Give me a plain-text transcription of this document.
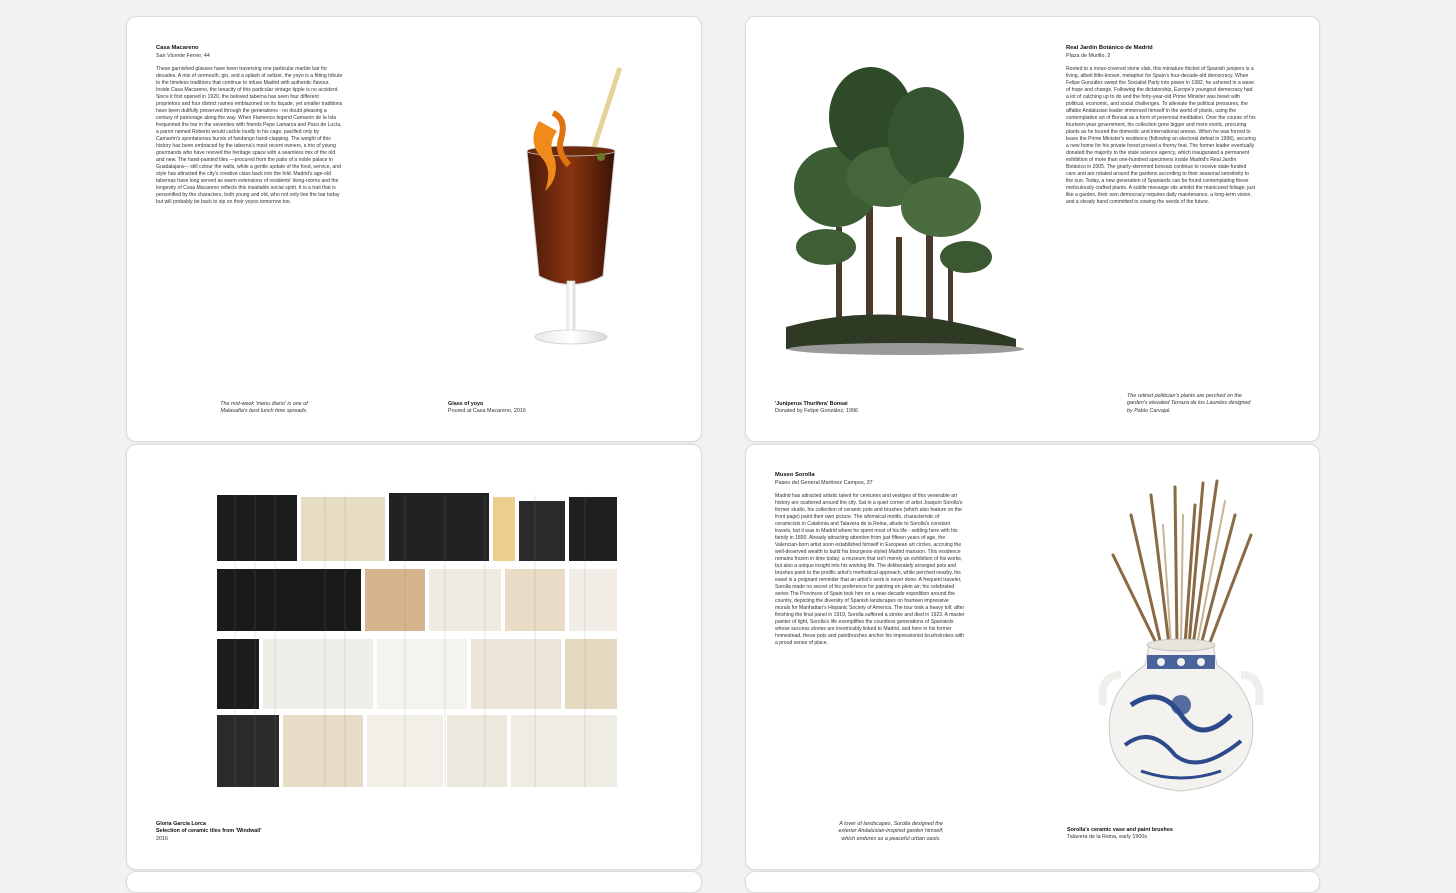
Casa Macareno
San Vicente Ferrer, 44
These garnished glasses have been traversing one particular marble bar for decades. A mix of vermouth, gin, and a splash of seltzer, the yoyo is a fitting tribute to the timeless traditions that continue to infuse Madrid with authentic flavour. Inside Casa Macareno, the tenacity of this particular vintage tipple is no accident. Since it first opened in 1920, the beloved taberna has seen four different proprietors and four district names emblazoned on its façade, yet smaller traditions have been dutifully preserved through the generations - no doubt pleasing a century of patronage along the way. When Flamenco legend Camarón de la Isla frequented the bar in the seventies with friends Pepe Lamarca and Paco de Lucía, a parrot named Roberto would cackle loudly in his cage, pacified only by Camarón's spontaneous bursts of fandango hand-clapping. The weight of this history has been embraced by the taberna's most recent owners, a trio of young gourmands who have revived the heritage space with a seamless mix of the old and new. The hand-painted tiles —procured from the patio of a noble palace in Guadalajara— still colour the walls, while a gentle update of the food, service, and style has attracted the city's creative class back into the fold. Madrid's age-old tabernas have long served as warm extensions of residents' living-rooms and the longevity of Casa Macareno reflects this insatiable social spirit. It is a trait that is personified by the characters, both young and old, who not only line the bar today but will probably be back to sip on their yoyos tomorrow too.
The mid-week 'menu diario' is one of Malasaña's best lunch time spreads.
Glass of yoyo
Poured at Casa Macareno, 2016
Real Jardín Botánico de Madrid
Plaza de Murillo, 2
Rooted to a moss-covered stone slab, this miniature thicket of Spanish junipers is a living, albeit little-known, metaphor for Spain's four-decade-old democracy. When Felipe González swept the Socialist Party into power in 1982, he ushered in a wave of hope and change. Following the dictatorship, Europe's youngest democracy had a lot of catching up to do and the forty-year-old Prime Minister was beset with political, economic, and social challenges. To alleviate the political pressures, the affable Andalusian leader immersed himself in the world of plants, using the contemplative art of Bonsai as a form of perennial meditation. Over the course of his fourteen-year government, his collection grew bigger and more exotic, procuring plants as he toured the domestic and international arenas. When he was forced to leave the Prime Minister's residence (following an electoral defeat in 1996), securing a new home for his private forest proved a thorny feat. The former leader eventually donated the majority to the state science agency, which inaugurated a permanent exhibition of more than one-hundred specimens inside Madrid's Real Jardín Botánico in 2005. The gnarly-stemmed bonsais continue to receive state-funded care and are rotated around the gardens according to their seasonal sensitivity to the sun. Today, a new generation of Spaniards can be found contemplating these meticulously crafted plants. A subtle message sits amidst the manicured foliage; just like a garden, their own democracy requires daily maintenance, a long-term vision, and a steady hand committed to sowing the seeds of the future.
'Juniperus Thurifera' Bonsai
Donated by Felipe González, 1996
The retired politician's plants are perched on the garden's elevated Terraza de los Laureles designed by Pablo Carvajal.
Gloria García Lorca
Selection of ceramic tiles from 'Windwall'
2016
Museo Sorolla
Paseo del General Martínez Campos, 37
Madrid has attracted artistic talent for centuries and vestiges of this venerable art history are scattered around the city. Sat in a quiet corner of artist Joaquín Sorolla's former studio, his collection of ceramic pots and brushes (which also feature on the front page) paint their own picture. The whimsical motifs, characteristic of ceramicists in Catalonia and Talavera de la Reina, allude to Sorolla's constant travels, but it was in Madrid where he spent most of his life - settling here with his family in 1890. Already attracting attention from just fifteen years of age, the Valencian-born artist soon established himself in European art circles, accruing the well-deserved wealth to build his bourgeois-styled Madrid mansion. This residence remains frozen in time today; a museum that isn't merely an exhibition of his works, but also a unique insight into his working life. The deliberately arranged pots and brushes point to the prolific artist's methodical approach, while perched nearby, his easel is a poignant reminder that an artist's work is never done. A frequent traveler, Sorolla made no secret of his preference for painting en plein air; his celebrated series The Provinces of Spain took him on a near-decade expedition around the country, depicting the diversity of Spanish landscapes on fourteen impressive murals for Manhattan's Hispanic Society of America. The tour took a heavy toll; after finishing the final panel in 1919, Sorolla suffered a stroke and died in 1923. A master painter of light, Sorolla's life exemplifies the countless generations of Spaniards whose success stories are inextricably linked to Madrid, and here in his former homestead, these pots and paintbrushes anchor his impressionist brushstrokes with a proud sense of place.
A lover of landscapes, Sorolla designed the exterior Andalusian-inspired garden himself, which endures as a peaceful urban oasis.
Sorolla's ceramic vase and paint brushes
Talavera de la Reina, early 1900s
